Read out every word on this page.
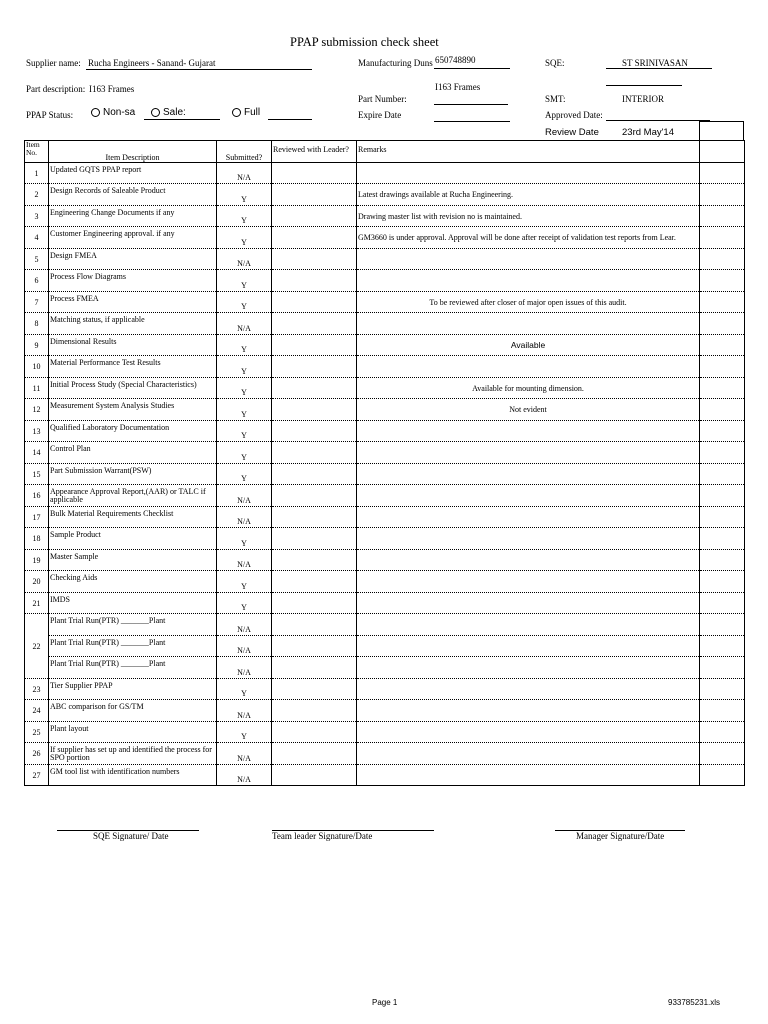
PPAP submission check sheet
Supplier name: Rucha Engineers - Sanand- Gujarat	Manufacturing Duns 650748890	SQE:	ST SRINIVASAN
Part description: I163 Frames	I163 Frames
Part Number:	SMT:	INTERIOR
PPAP Status:	Non-sa	Sale:	Full	Expire Date	Approved Date:
Review Date 23rd May'14
Item No.	Item Description	Submitted?	Reviewed with Leader?	Remarks	
1	Updated GQTS PPAP report	N/A			
2	Design Records of Saleable Product	Y		Latest drawings available at Rucha Engineering.	
3	Engineering Change Documents if any	Y		Drawing master list with revision no is maintained.	
4	Customer Engineering approval. if any	Y		GM3660 is under approval. Approval will be done after receipt of validation test reports from Lear.	
5	Design FMEA	N/A			
6	Process Flow Diagrams	Y			
7	Process FMEA	Y		To be reviewed after closer of major open issues of this audit.	
8	Matching status, if applicable	N/A			
9	Dimensional Results	Y		Available	
10	Material Performance Test Results	Y			
11	Initial Process Study (Special Characteristics)	Y		Available for mounting dimension.	
12	Measurement System Analysis Studies	Y		Not evident	
13	Qualified Laboratory Documentation	Y			
14	Control Plan	Y			
15	Part Submission Warrant(PSW)	Y			
16	Appearance Approval Report,(AAR) or TALC if applicable	N/A			
17	Bulk Material Requirements Checklist	N/A			
18	Sample Product	Y			
19	Master Sample	N/A			
20	Checking Aids	Y			
21	IMDS	Y			
22	Plant Trial Run(PTR) _______Plant	N/A			
	Plant Trial Run(PTR) _______Plant	N/A			
	Plant Trial Run(PTR) _______Plant	N/A			
23	Tier Supplier PPAP	Y			
24	ABC comparison for GS/TM	N/A			
25	Plant layout	Y			
26	If supplier has set up and identified the process for SPO portion	N/A			
27	GM tool list with identification numbers	N/A			
SQE Signature/ Date	Team leader Signature/Date	Manager Signature/Date
Page 1	933785231.xls
